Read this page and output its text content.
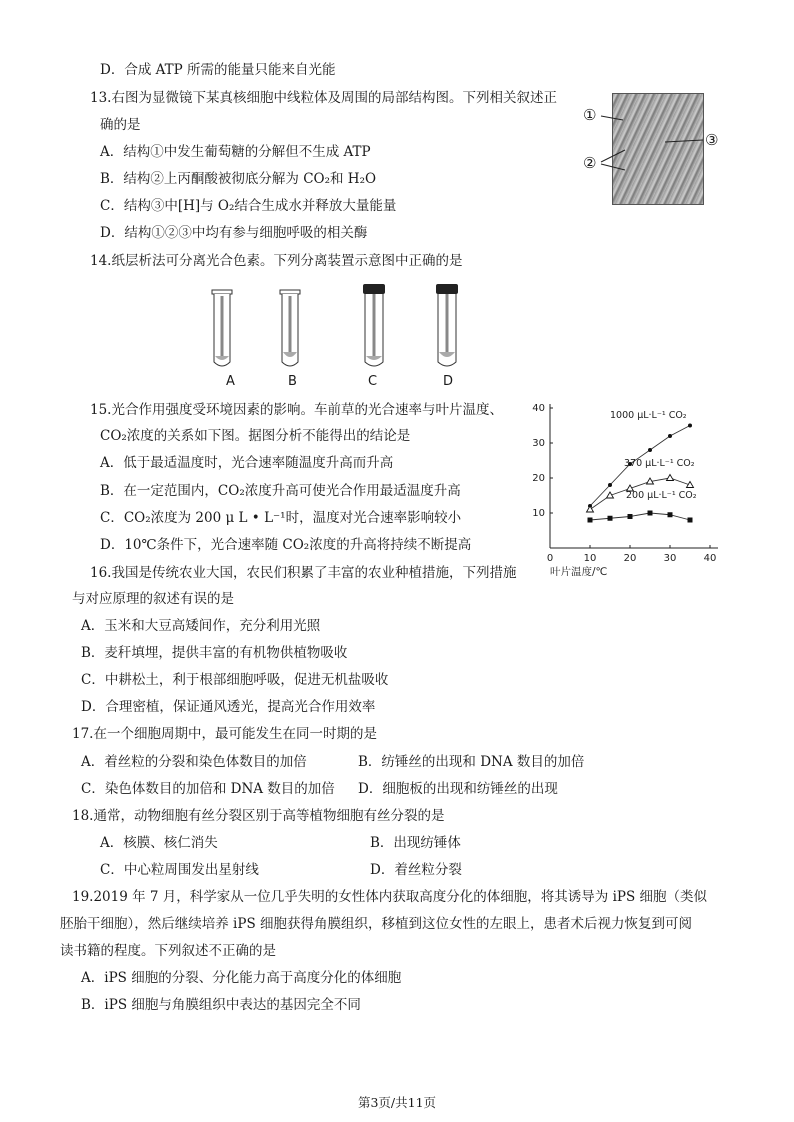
D．合成 ATP 所需的能量只能来自光能
13.右图为显微镜下某真核细胞中线粒体及周围的局部结构图。下列相关叙述正
确的是
A．结构①中发生葡萄糖的分解但不生成 ATP
B．结构②上丙酮酸被彻底分解为 CO₂和 H₂O
C．结构③中[H]与 O₂结合生成水并释放大量能量
D．结构①②③中均有参与细胞呼吸的相关酶
①
②
③
14.纸层析法可分离光合色素。下列分离装置示意图中正确的是
A	B	C	D
15.光合作用强度受环境因素的影响。车前草的光合速率与叶片温度、
CO₂浓度的关系如下图。据图分析不能得出的结论是
A．低于最适温度时，光合速率随温度升高而升高
B．在一定范围内，CO₂浓度升高可使光合作用最适温度升高
C．CO₂浓度为 200 μ L • L⁻¹时，温度对光合速率影响较小
D．10℃条件下，光合速率随 CO₂浓度的升高将持续不断提高
0	10	20	30	40
10
20
30
40
叶片温度/℃
1000 μL·L⁻¹ CO₂
370 μL·L⁻¹ CO₂
200 μL·L⁻¹ CO₂
16.我国是传统农业大国，农民们积累了丰富的农业种植措施，下列措施
与对应原理的叙述有误的是
A．玉米和大豆高矮间作，充分利用光照
B．麦秆填埋，提供丰富的有机物供植物吸收
C．中耕松土，利于根部细胞呼吸，促进无机盐吸收
D．合理密植，保证通风透光，提高光合作用效率
17.在一个细胞周期中，最可能发生在同一时期的是
A．着丝粒的分裂和染色体数目的加倍	B．纺锤丝的出现和 DNA 数目的加倍
C．染色体数目的加倍和 DNA 数目的加倍 D．细胞板的出现和纺锤丝的出现
18.通常，动物细胞有丝分裂区别于高等植物细胞有丝分裂的是
A．核膜、核仁消失	B．出现纺锤体
C．中心粒周围发出星射线	D．着丝粒分裂
19.2019 年 7 月，科学家从一位几乎失明的女性体内获取高度分化的体细胞，将其诱导为 iPS 细胞（类似
胚胎干细胞），然后继续培养 iPS 细胞获得角膜组织，移植到这位女性的左眼上，患者术后视力恢复到可阅
读书籍的程度。下列叙述不正确的是
A．iPS 细胞的分裂、分化能力高于高度分化的体细胞
B．iPS 细胞与角膜组织中表达的基因完全不同
第3页/共11页
